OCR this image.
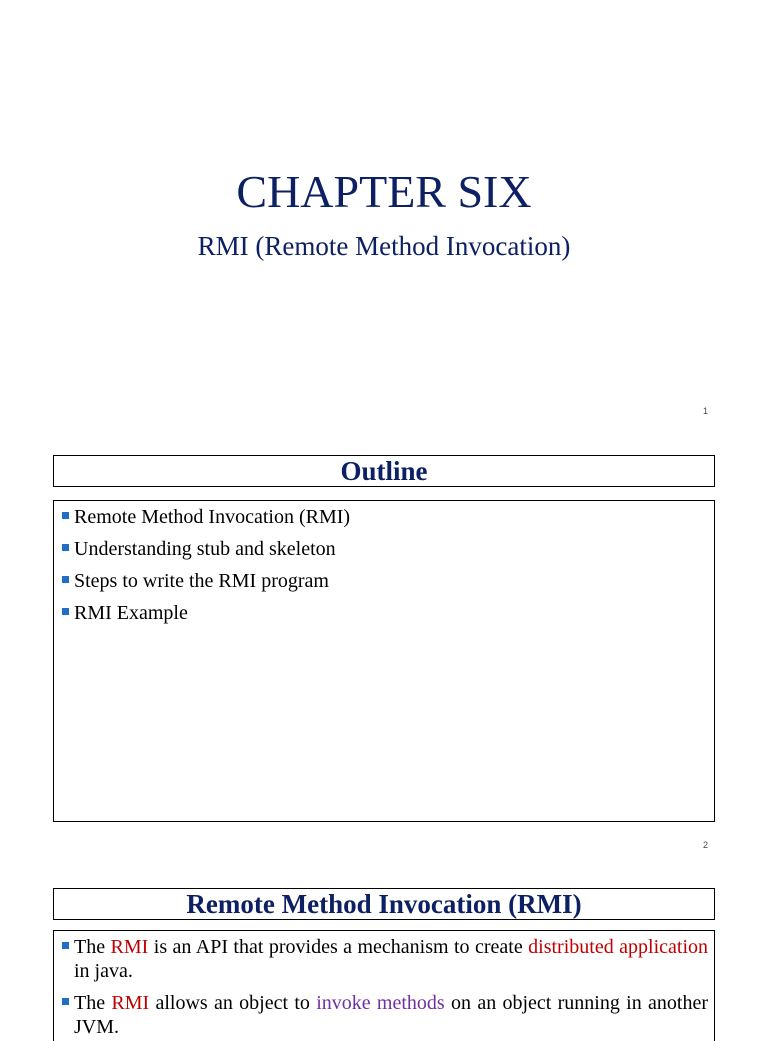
CHAPTER SIX
RMI (Remote Method Invocation)
1
Outline
Remote Method Invocation (RMI)
Understanding stub and skeleton
Steps to write the RMI program
RMI Example
2
Remote Method Invocation (RMI)
The RMI is an API that provides a mechanism to create distributed application in java.
The RMI allows an object to invoke methods on an object running in another JVM.
